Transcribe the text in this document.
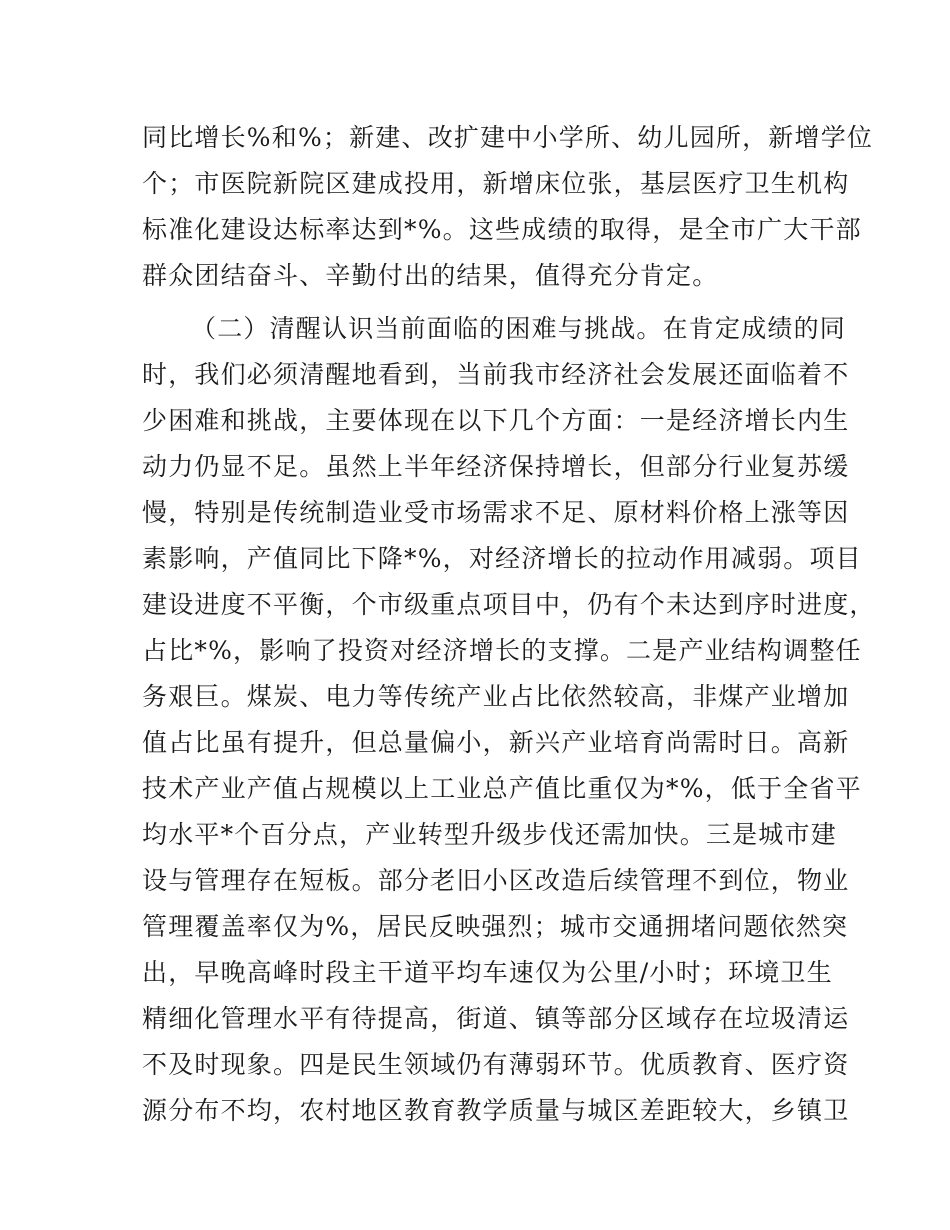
同比增长%和%；新建、改扩建中小学所、幼儿园所，新增学位
个；市医院新院区建成投用，新增床位张，基层医疗卫生机构
标准化建设达标率达到*%。这些成绩的取得，是全市广大干部
群众团结奋斗、辛勤付出的结果，值得充分肯定。
（二）清醒认识当前面临的困难与挑战。在肯定成绩的同
时，我们必须清醒地看到，当前我市经济社会发展还面临着不
少困难和挑战，主要体现在以下几个方面：一是经济增长内生
动力仍显不足。虽然上半年经济保持增长，但部分行业复苏缓
慢，特别是传统制造业受市场需求不足、原材料价格上涨等因
素影响，产值同比下降*%，对经济增长的拉动作用减弱。项目
建设进度不平衡，个市级重点项目中，仍有个未达到序时进度，
占比*%，影响了投资对经济增长的支撑。二是产业结构调整任
务艰巨。煤炭、电力等传统产业占比依然较高，非煤产业增加
值占比虽有提升，但总量偏小，新兴产业培育尚需时日。高新
技术产业产值占规模以上工业总产值比重仅为*%，低于全省平
均水平*个百分点，产业转型升级步伐还需加快。三是城市建
设与管理存在短板。部分老旧小区改造后续管理不到位，物业
管理覆盖率仅为%，居民反映强烈；城市交通拥堵问题依然突
出，早晚高峰时段主干道平均车速仅为公里/小时；环境卫生
精细化管理水平有待提高，街道、镇等部分区域存在垃圾清运
不及时现象。四是民生领域仍有薄弱环节。优质教育、医疗资
源分布不均，农村地区教育教学质量与城区差距较大，乡镇卫
